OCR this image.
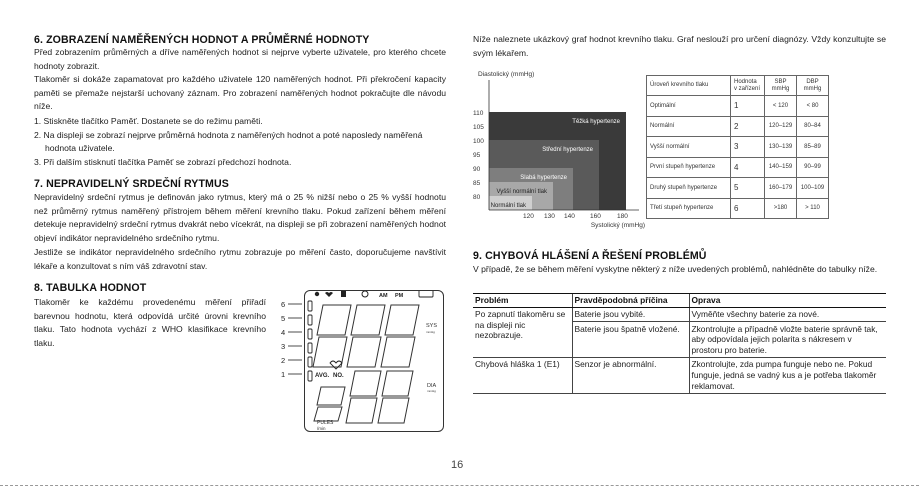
6. ZOBRAZENÍ NAMĚŘENÝCH HODNOT A PRŮMĚRNÉ HODNOTY

Před zobrazením průměrných a dříve naměřených hodnot si nejprve vyberte uživatele, pro kterého chcete hodnoty zobrazit.

Tlakoměr si dokáže zapamatovat pro každého uživatele 120 naměřených hodnot. Při překročení kapacity paměti se přemaže nejstarší uchovaný záznam. Pro zobrazení naměřených hodnot pokračujte dle návodu níže.

1. Stiskněte tlačítko Paměť. Dostanete se do režimu paměti.
2. Na displeji se zobrazí nejprve průměrná hodnota z naměřených hodnot a poté naposledy naměřená hodnota uživatele.
3. Při dalším stisknutí tlačítka Paměť se zobrazí předchozí hodnota.
7. NEPRAVIDELNÝ SRDEČNÍ RYTMUS

Nepravidelný srdeční rytmus je definován jako rytmus, který má o 25 % nižší nebo o 25 % vyšší hodnotu než průměrný rytmus naměřený přístrojem během měření krevního tlaku. Pokud zařízení během měření detekuje nepravidelný srdeční rytmus dvakrát nebo vícekrát, na displeji se při zobrazení naměřených hodnot objeví indikátor nepravidelného srdečního rytmu.

Jestliže se indikátor nepravidelného srdečního rytmu zobrazuje po měření často, doporučujeme navštívit lékaře a konzultovat s ním váš zdravotní stav.

8. TABULKA HODNOT

Tlakoměr ke každému provedenému měření přiřadí barevnou hodnotu, která odpovídá určité úrovni krevního tlaku. Tato hodnota vychází z WHO klasifikace krevního tlaku.

6
5
4
3
2
1
AM PM
SYS
mmHg
AVG. NO.
DIA
mmHg
PULES
/min

Níže naleznete ukázkový graf hodnot krevního tlaku. Graf neslouží pro určení diagnózy. Vždy konzultujte se svým lékařem.

Těžká hypertenze
Střední hypertenze
Slabá hypertenze
Vyšší normální tlak
Normální tlak
110
105
100
95
90
85
80
120 130 140 160 180
Diastolický (mmHg)
Systolický (mmHg)
Úroveň krevního tlaku	Hodnota v zařízení	SBP mmHg	DBP mmHg
Optimální	1	< 120	< 80
Normální	2	120–129	80–84
Vyšší normální	3	130–139	85–89
První stupeň hypertenze	4	140–159	90–99
Druhý stupeň hypertenze	5	160–179	100–109
Třetí stupeň hypertenze	6	>180	> 110
9. CHYBOVÁ HLÁŠENÍ A ŘEŠENÍ PROBLÉMŮ

V případě, že se během měření vyskytne některý z níže uvedených problémů, nahlédněte do tabulky níže.

Problém	Pravděpodobná příčina	Oprava
Po zapnutí tlakoměru se na displeji nic nezobrazuje.	Baterie jsou vybité.	Vyměňte všechny baterie za nové.
	Baterie jsou špatně vložené.	Zkontrolujte a případně vložte baterie správně tak, aby odpovídala jejich polarita s nákresem v prostoru pro baterie.
Chybová hláška 1 (E1)	Senzor je abnormální.	Zkontrolujte, zda pumpa funguje nebo ne. Pokud funguje, jedná se vadný kus a je potřeba tlakoměr reklamovat.
16
